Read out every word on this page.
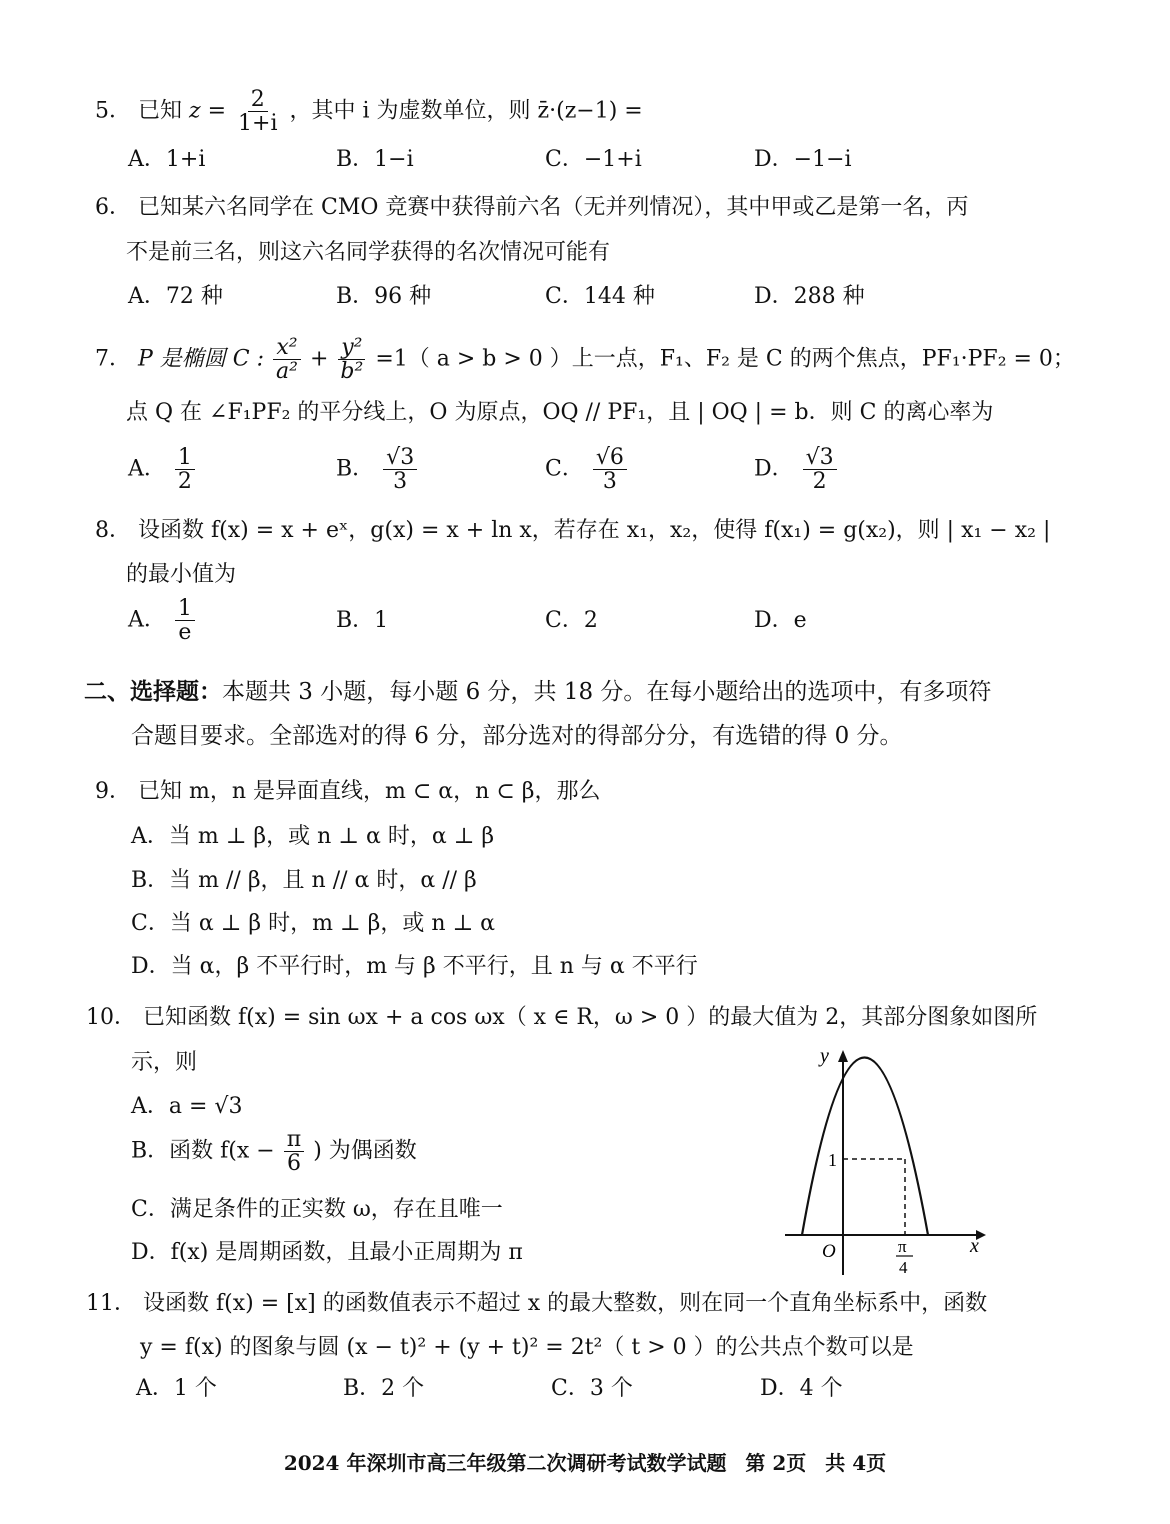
5． 已知 $z = \frac{2}{1+i}$ ，其中 i 为虚数单位，则 z̄·(z−1) =
A．1+i	B．1−i	C．−1+i	D．−1−i
6． 已知某六名同学在 CMO 竞赛中获得前六名（无并列情况），其中甲或乙是第一名，丙
不是前三名，则这六名同学获得的名次情况可能有
A．72 种	B．96 种	C．144 种	D．288 种
7． P 是椭圆 C : $\frac{\text{x²}}{\text{a²}} + \frac{\text{y²}}{\text{b²}} =1$（ a > b > 0 ）上一点，F₁、F₂ 是 C 的两个焦点，PF₁·PF₂ = 0；
点 Q 在 ∠F₁PF₂ 的平分线上，O 为原点，OQ // PF₁，且 | OQ | = b．则 C 的离心率为
A． $\frac{1}{2}$	B． $\frac{√3}{3}$	C． $\frac{√6}{3}$	D． $\frac{√3}{2}$
8． 设函数 f(x) = x + eˣ，g(x) = x + ln x，若存在 x₁，x₂，使得 f(x₁) = g(x₂)，则 | x₁ − x₂ |
的最小值为
A． $\frac{1}{e}$	B．1	C．2	D．e
二、选择题：本题共 3 小题，每小题 6 分，共 18 分。在每小题给出的选项中，有多项符
合题目要求。全部选对的得 6 分，部分选对的得部分分，有选错的得 0 分。
9． 已知 m，n 是异面直线，m ⊂ α，n ⊂ β，那么
A．当 m ⊥ β，或 n ⊥ α 时，α ⊥ β
B．当 m // β，且 n // α 时，α // β
C．当 α ⊥ β 时，m ⊥ β，或 n ⊥ α
D．当 α，β 不平行时，m 与 β 不平行，且 n 与 α 不平行
10． 已知函数 f(x) = sin ωx + a cos ωx（ x ∈ R，ω > 0 ）的最大值为 2，其部分图象如图所
示，则
A．a = √3
B．函数 $f(x - \frac{\pi}{6}$ ) 为偶函数
C．满足条件的正实数 ω，存在且唯一
D．f(x) 是周期函数，且最小正周期为 π
y
x
O
1
π
4
11． 设函数 f(x) = [x] 的函数值表示不超过 x 的最大整数，则在同一个直角坐标系中，函数
y = f(x) 的图象与圆 (x − t)² + (y + t)² = 2t²（ t > 0 ）的公共点个数可以是
A．1 个	B．2 个	C．3 个	D．4 个
2024 年深圳市高三年级第二次调研考试数学试题 第 2页 共 4页
